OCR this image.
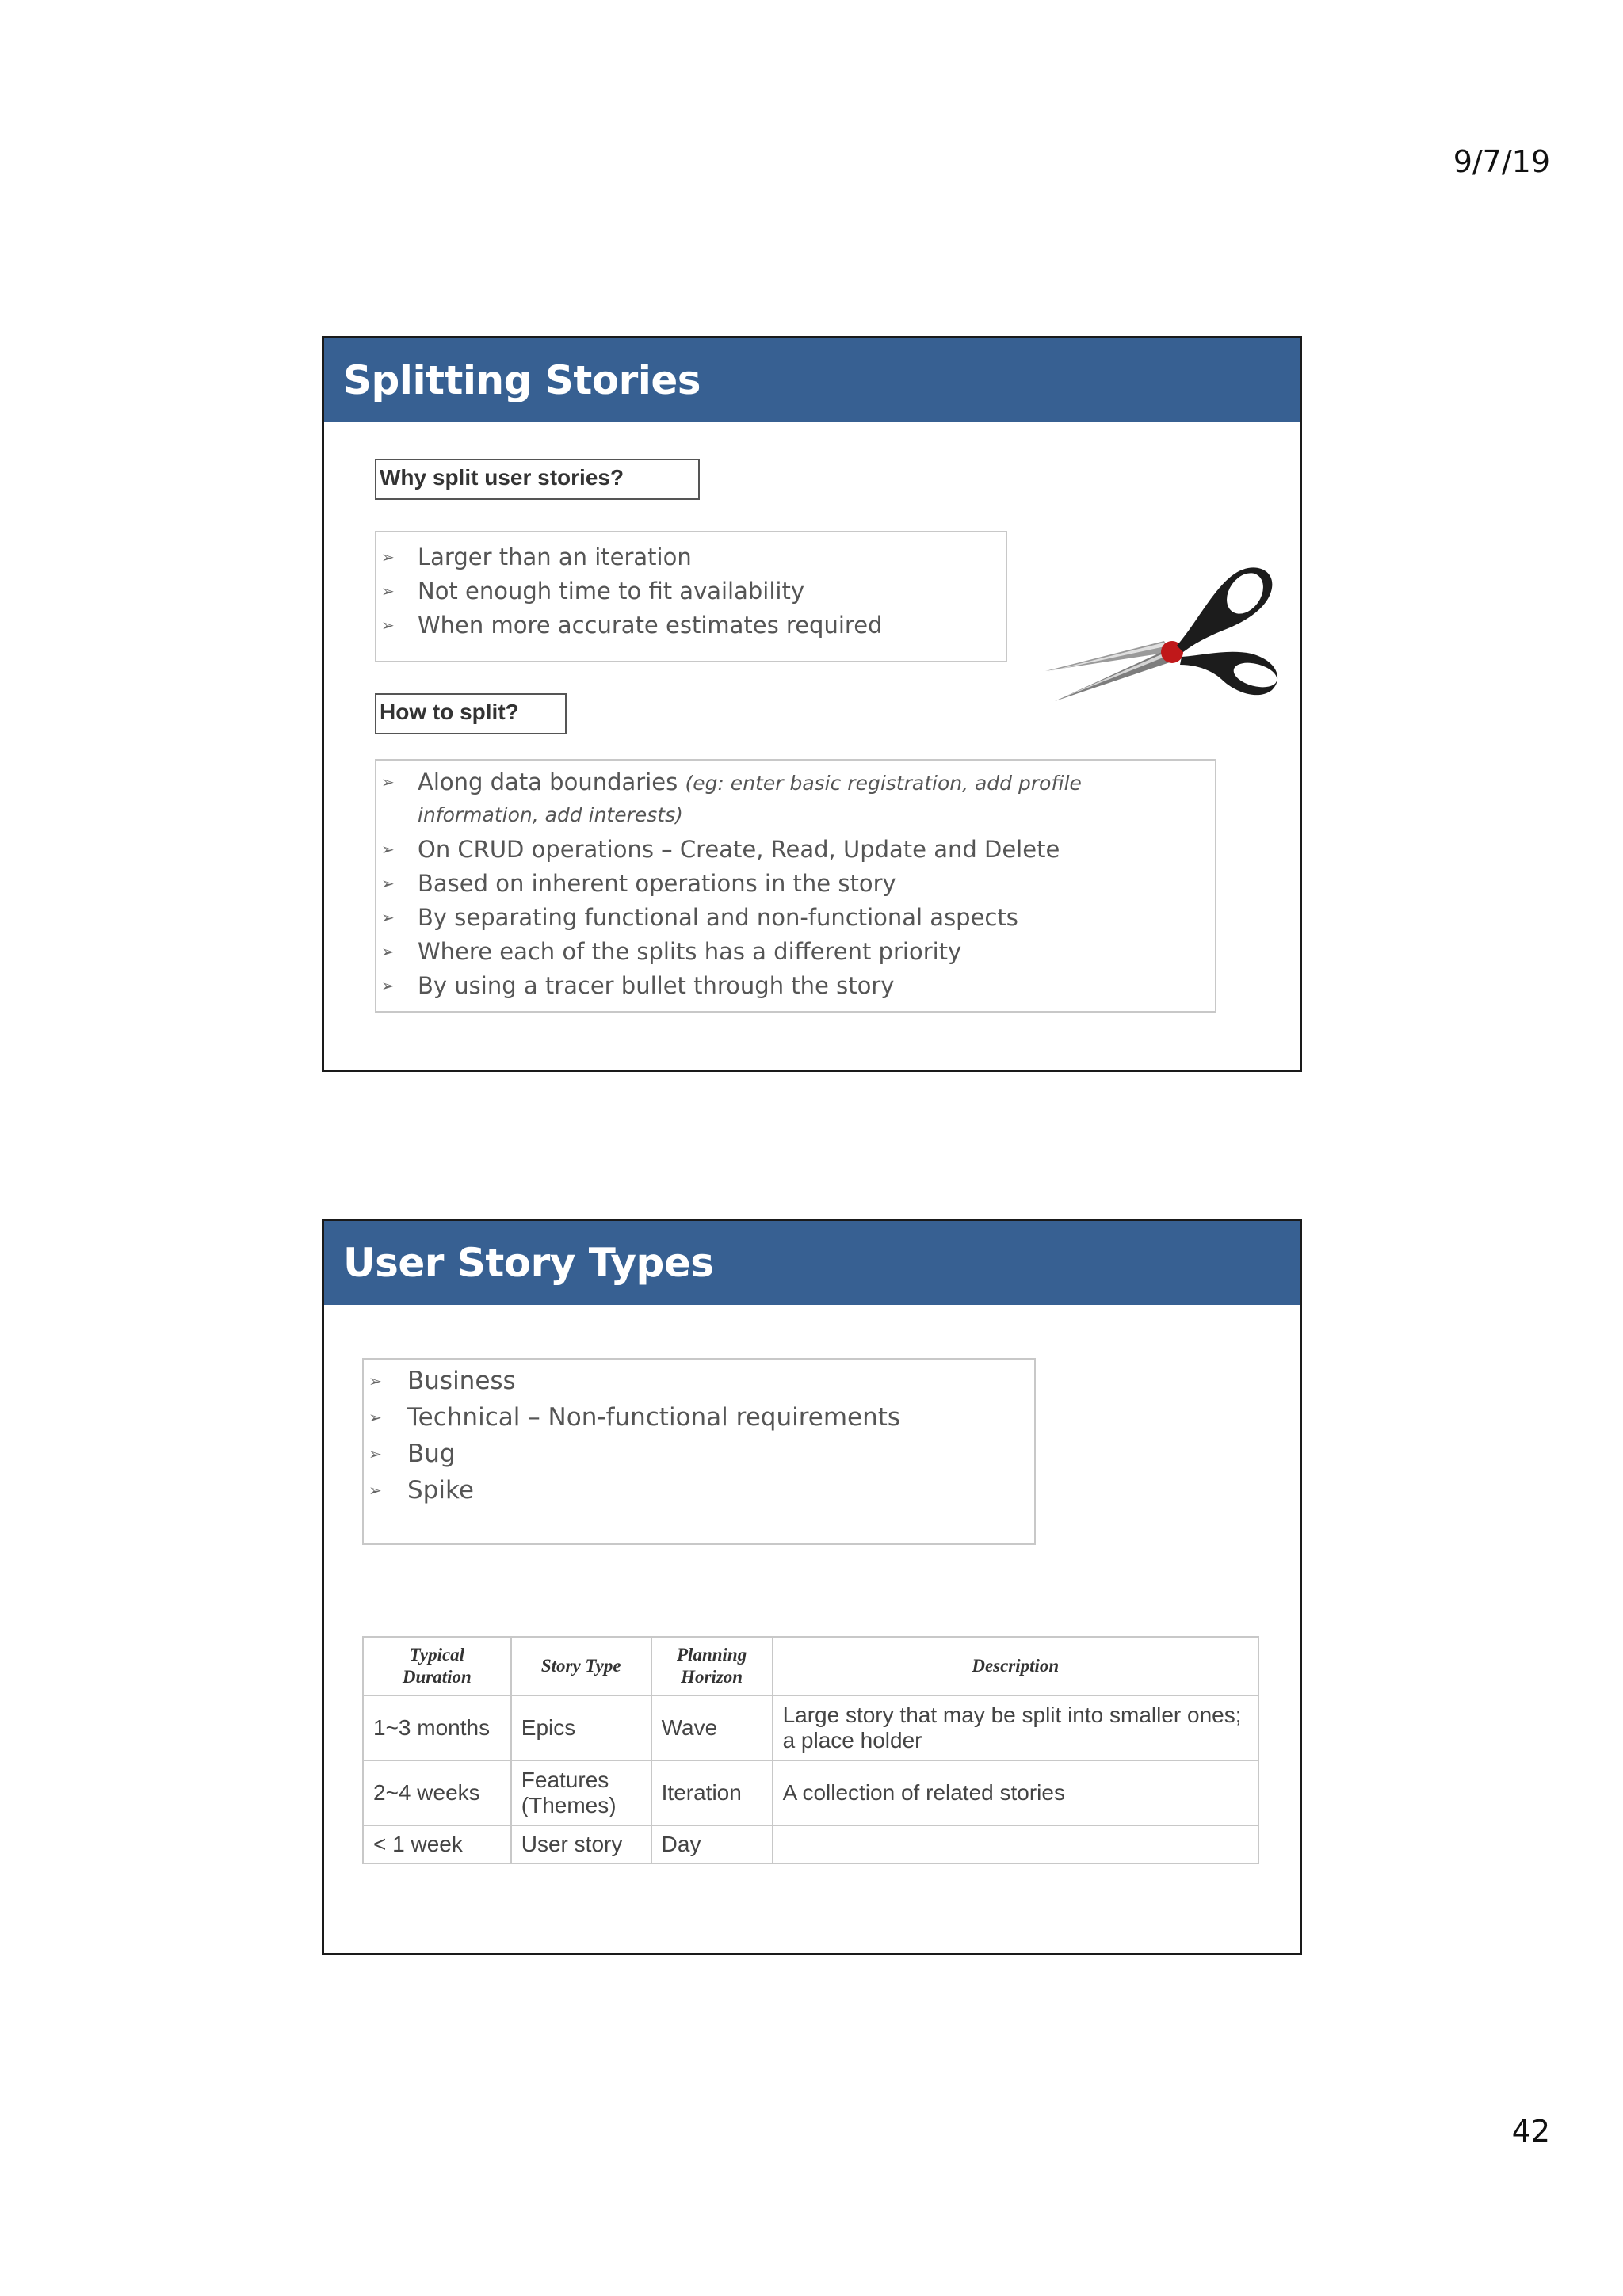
9/7/19
Splitting Stories
Why split user stories?
➢ Larger than an iteration
➢ Not enough time to fit availability
➢ When more accurate estimates required
How to split?
➢ Along data boundaries (eg: enter basic registration, add profile information, add interests)
➢ On CRUD operations – Create, Read, Update and Delete
➢ Based on inherent operations in the story
➢ By separating functional and non-functional aspects
➢ Where each of the splits has a different priority
➢ By using a tracer bullet through the story
User Story Types
➢ Business
➢ Technical – Non-functional requirements
➢ Bug
➢ Spike
Typical Duration	Story Type	Planning Horizon	Description
1~3 months	Epics	Wave	Large story that may be split into smaller ones; a place holder
2~4 weeks	Features (Themes)	Iteration	A collection of related stories
< 1 week	User story	Day	
42
